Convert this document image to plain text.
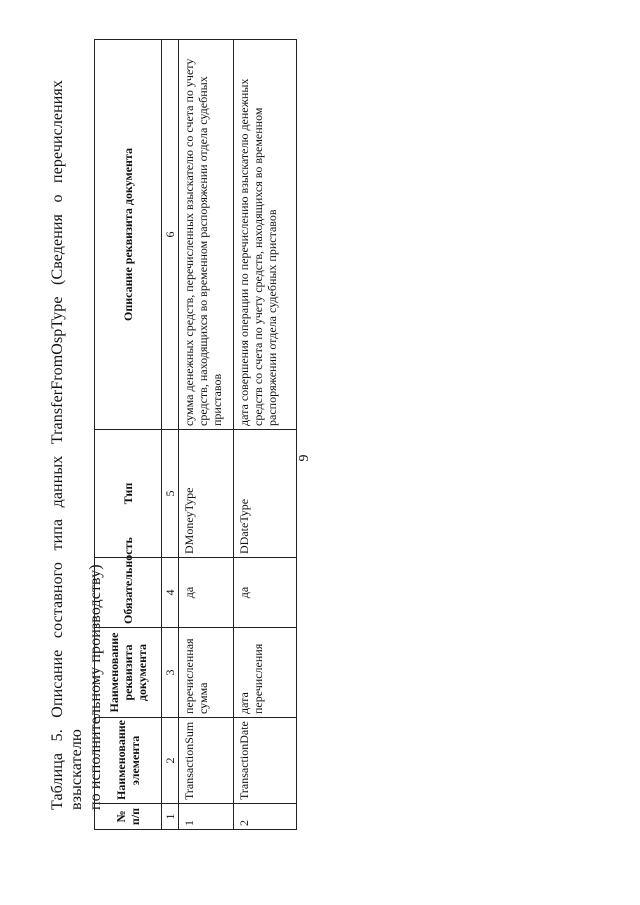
9
Таблица 5. Описание составного типа данных TransferFromOspType (Сведения о перечислениях взыскателю по исполнительному производству)
№ п/п	Наименование элемента	Наименование реквизита документа	Обязательность	Тип	Описание реквизита документа
1	2	3	4	5	6
1	TransactionSum	перечисленная сумма	да	DMoneyType	сумма денежных средств, перечисленных взыскателю со счета по учету средств, находящихся во временном распоряжении отдела судебных приставов
2	TransactionDate	дата перечисления	да	DDateType	дата совершения операции по перечислению взыскателю денежных средств со счета по учету средств, находящихся во временном распоряжении отдела судебных приставов
